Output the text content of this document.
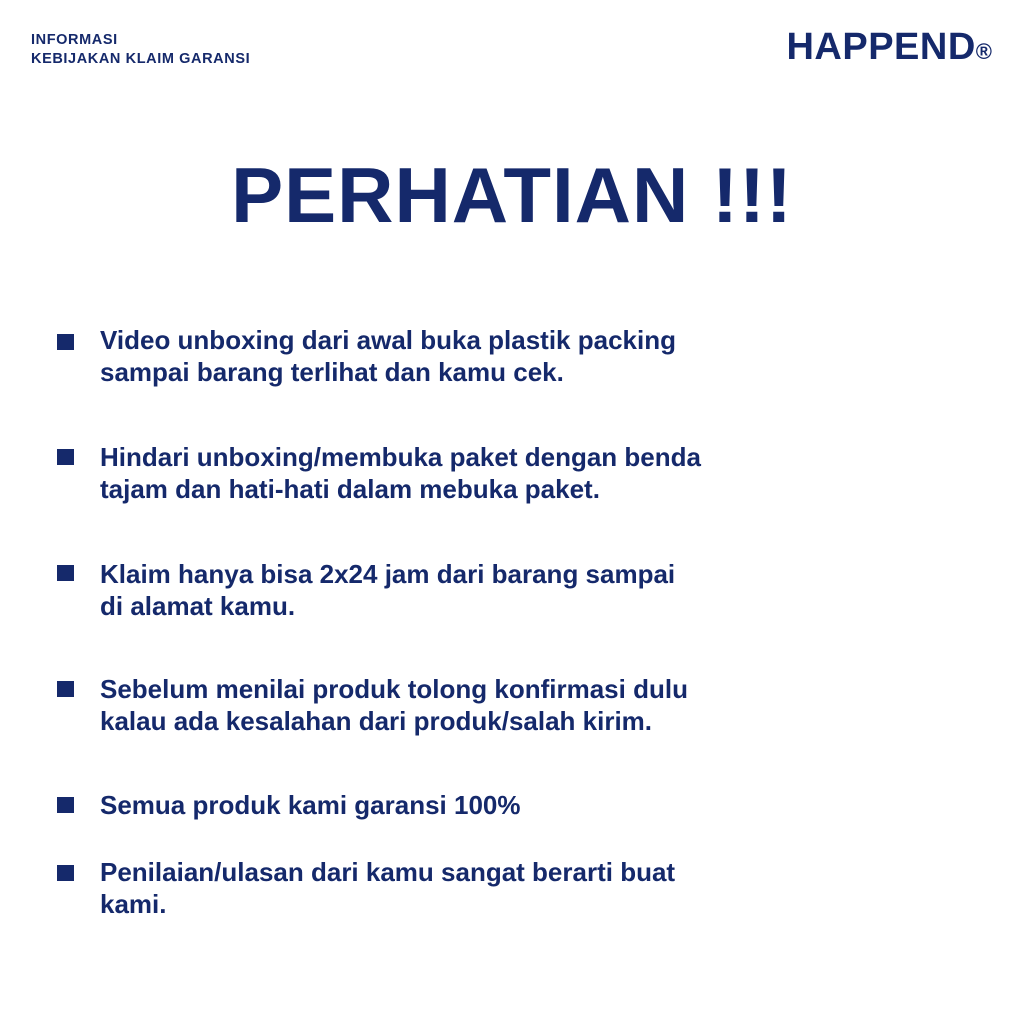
INFORMASI
KEBIJAKAN KLAIM GARANSI	HAPPEND®
PERHATIAN !!!
Video unboxing dari awal buka plastik packing
sampai barang terlihat dan kamu cek.
Hindari unboxing/membuka paket dengan benda
tajam dan hati-hati dalam mebuka paket.
Klaim hanya bisa 2x24 jam dari barang sampai
di alamat kamu.
Sebelum menilai produk tolong konfirmasi dulu
kalau ada kesalahan dari produk/salah kirim.
Semua produk kami garansi 100%
Penilaian/ulasan dari kamu sangat berarti buat
kami.
